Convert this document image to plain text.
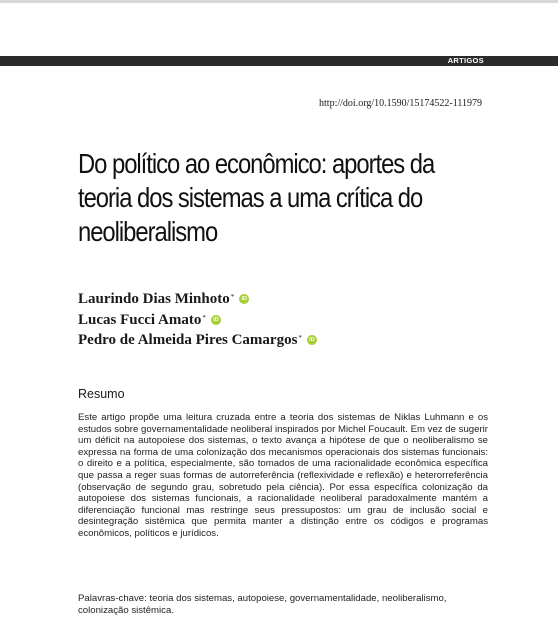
ARTIGOS
http://doi.org/10.1590/15174522-111979
Do político ao econômico: aportes da teoria dos sistemas a uma crítica do neoliberalismo
Laurindo Dias Minhoto*	iD
Lucas Fucci Amato*	iD
Pedro de Almeida Pires Camargos*	iD
Resumo

Este artigo propõe uma leitura cruzada entre a teoria dos sistemas de Niklas Luhmann e os estudos sobre governamentalidade neoliberal inspirados por Michel Foucault. Em vez de sugerir um déficit na autopoiese dos sistemas, o texto avança a hipótese de que o neoliberalismo se expressa na forma de uma colonização dos mecanismos operacionais dos sistemas funcionais: o direito e a política, especialmente, são tomados de uma racionalidade econômica específica que passa a reger suas formas de autorreferência (reflexividade e reflexão) e heterorreferência (observação de segundo grau, sobretudo pela ciência). Por essa específica colonização da autopoiese dos sistemas funcionais, a racionalidade neoliberal paradoxalmente mantém a diferenciação funcional mas restringe seus pressupostos: um grau de inclusão social e desintegração sistêmica que permita manter a distinção entre os códigos e programas econômicos, políticos e jurídicos.

Palavras-chave: teoria dos sistemas, autopoiese, governamentalidade, neoliberalismo, colonização sistêmica.
